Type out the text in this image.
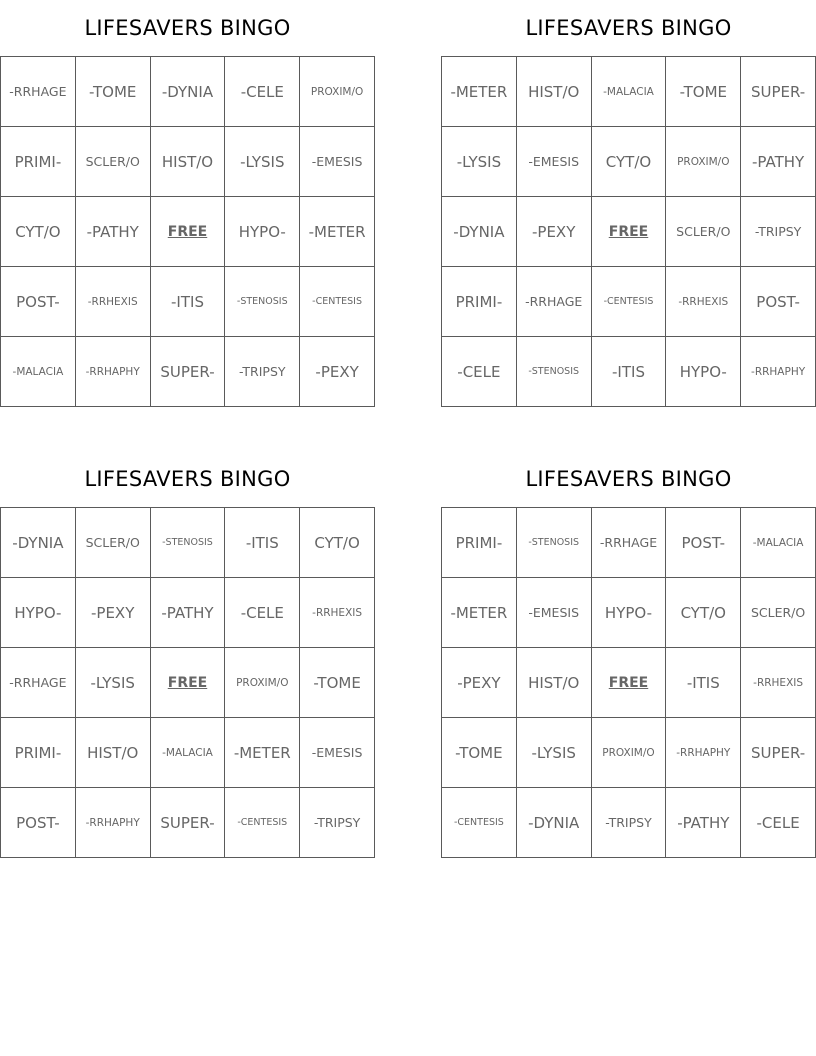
LIFESAVERS BINGO
-RRHAGE	-TOME	-DYNIA	-CELE	PROXIM/O
PRIMI-	SCLER/O	HIST/O	-LYSIS	-EMESIS
CYT/O	-PATHY	FREE	HYPO-	-METER
POST-	-RRHEXIS	-ITIS	-STENOSIS	-CENTESIS
-MALACIA	-RRHAPHY	SUPER-	-TRIPSY	-PEXY
LIFESAVERS BINGO
-METER	HIST/O	-MALACIA	-TOME	SUPER-
-LYSIS	-EMESIS	CYT/O	PROXIM/O	-PATHY
-DYNIA	-PEXY	FREE	SCLER/O	-TRIPSY
PRIMI-	-RRHAGE	-CENTESIS	-RRHEXIS	POST-
-CELE	-STENOSIS	-ITIS	HYPO-	-RRHAPHY
LIFESAVERS BINGO
-DYNIA	SCLER/O	-STENOSIS	-ITIS	CYT/O
HYPO-	-PEXY	-PATHY	-CELE	-RRHEXIS
-RRHAGE	-LYSIS	FREE	PROXIM/O	-TOME
PRIMI-	HIST/O	-MALACIA	-METER	-EMESIS
POST-	-RRHAPHY	SUPER-	-CENTESIS	-TRIPSY
LIFESAVERS BINGO
PRIMI-	-STENOSIS	-RRHAGE	POST-	-MALACIA
-METER	-EMESIS	HYPO-	CYT/O	SCLER/O
-PEXY	HIST/O	FREE	-ITIS	-RRHEXIS
-TOME	-LYSIS	PROXIM/O	-RRHAPHY	SUPER-
-CENTESIS	-DYNIA	-TRIPSY	-PATHY	-CELE
